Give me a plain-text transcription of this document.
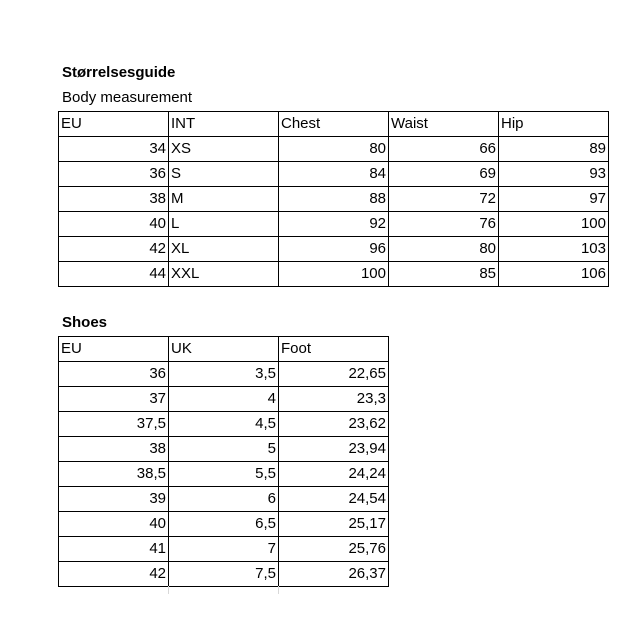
Størrelsesguide
Body measurement
EU	INT	Chest	Waist	Hip
34	XS	80	66	89
36	S	84	69	93
38	M	88	72	97
40	L	92	76	100
42	XL	96	80	103
44	XXL	100	85	106
Shoes
EU	UK	Foot
36	3,5	22,65
37	4	23,3
37,5	4,5	23,62
38	5	23,94
38,5	5,5	24,24
39	6	24,54
40	6,5	25,17
41	7	25,76
42	7,5	26,37
